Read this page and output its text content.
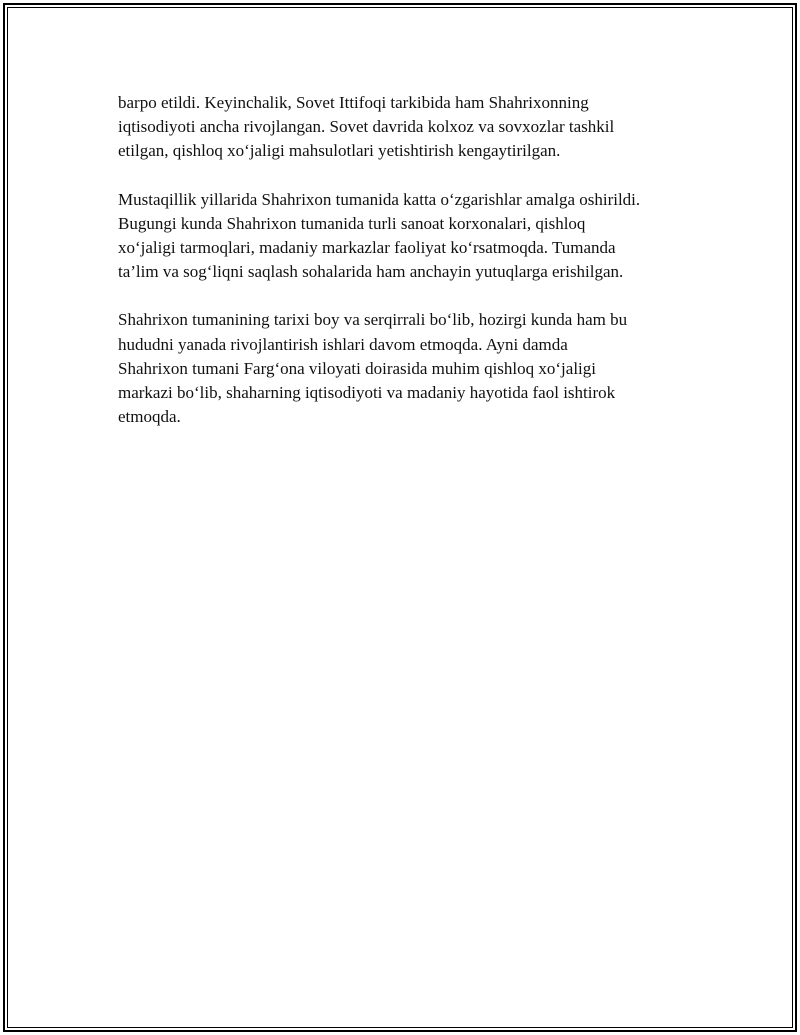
barpo etildi. Keyinchalik, Sovet Ittifoqi tarkibida ham Shahrixonning
iqtisodiyoti ancha rivojlangan. Sovet davrida kolxoz va sovxozlar tashkil
etilgan, qishloq xoʻjaligi mahsulotlari yetishtirish kengaytirilgan.

Mustaqillik yillarida Shahrixon tumanida katta oʻzgarishlar amalga oshirildi.
Bugungi kunda Shahrixon tumanida turli sanoat korxonalari, qishloq
xoʻjaligi tarmoqlari, madaniy markazlar faoliyat koʻrsatmoqda. Tumanda
ta’lim va sogʻliqni saqlash sohalarida ham anchayin yutuqlarga erishilgan.

Shahrixon tumanining tarixi boy va serqirrali boʻlib, hozirgi kunda ham bu
hududni yanada rivojlantirish ishlari davom etmoqda. Ayni damda
Shahrixon tumani Fargʻona viloyati doirasida muhim qishloq xoʻjaligi
markazi boʻlib, shaharning iqtisodiyoti va madaniy hayotida faol ishtirok
etmoqda.
